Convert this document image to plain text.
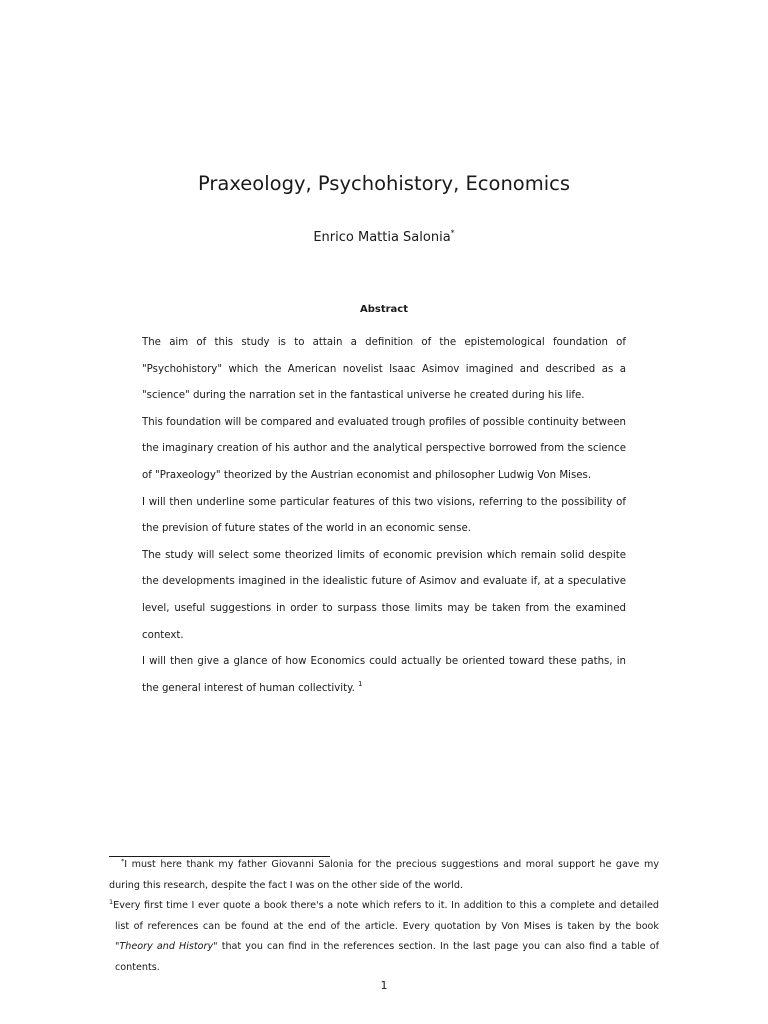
Praxeology, Psychohistory, Economics
Enrico Mattia Salonia*
Abstract

The aim of this study is to attain a definition of the epistemological foundation of "Psychohistory" which the American novelist Isaac Asimov imagined and described as a "science" during the narration set in the fantastical universe he created during his life.

This foundation will be compared and evaluated trough profiles of possible continuity between the imaginary creation of his author and the analytical perspective borrowed from the science of "Praxeology" theorized by the Austrian economist and philosopher Ludwig Von Mises.

I will then underline some particular features of this two visions, referring to the possibility of the prevision of future states of the world in an economic sense.

The study will select some theorized limits of economic prevision which remain solid despite the developments imagined in the idealistic future of Asimov and evaluate if, at a speculative level, useful suggestions in order to surpass those limits may be taken from the examined context.

I will then give a glance of how Economics could actually be oriented toward these paths, in the general interest of human collectivity. $^1$

*I must here thank my father Giovanni Salonia for the precious suggestions and moral support he gave my during this research, despite the fact I was on the other side of the world.

$^1$Every first time I ever quote a book there's a note which refers to it. In addition to this a complete and detailed list of references can be found at the end of the article. Every quotation by Von Mises is taken by the book "Theory and History" that you can find in the references section. In the last page you can also find a table of contents.

1
